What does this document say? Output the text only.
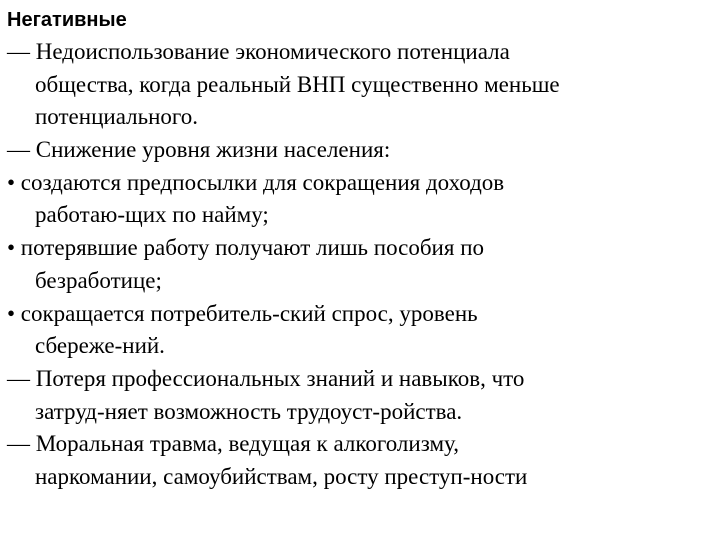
Негативные
— Недоиспользование экономического потенциала
общества, когда реальный ВНП существенно меньше
потенциального.
— Снижение уровня жизни населения:
• создаются предпосылки для сокращения доходов
работаю-щих по найму;
• потерявшие работу получают лишь пособия по
безработице;
• сокращается потребитель-ский спрос, уровень
сбереже-ний.
— Потеря профессиональных знаний и навыков, что
затруд-няет возможность трудоуст-ройства.
— Моральная травма, ведущая к алкоголизму,
наркомании, самоубийствам, росту преступ-ности
